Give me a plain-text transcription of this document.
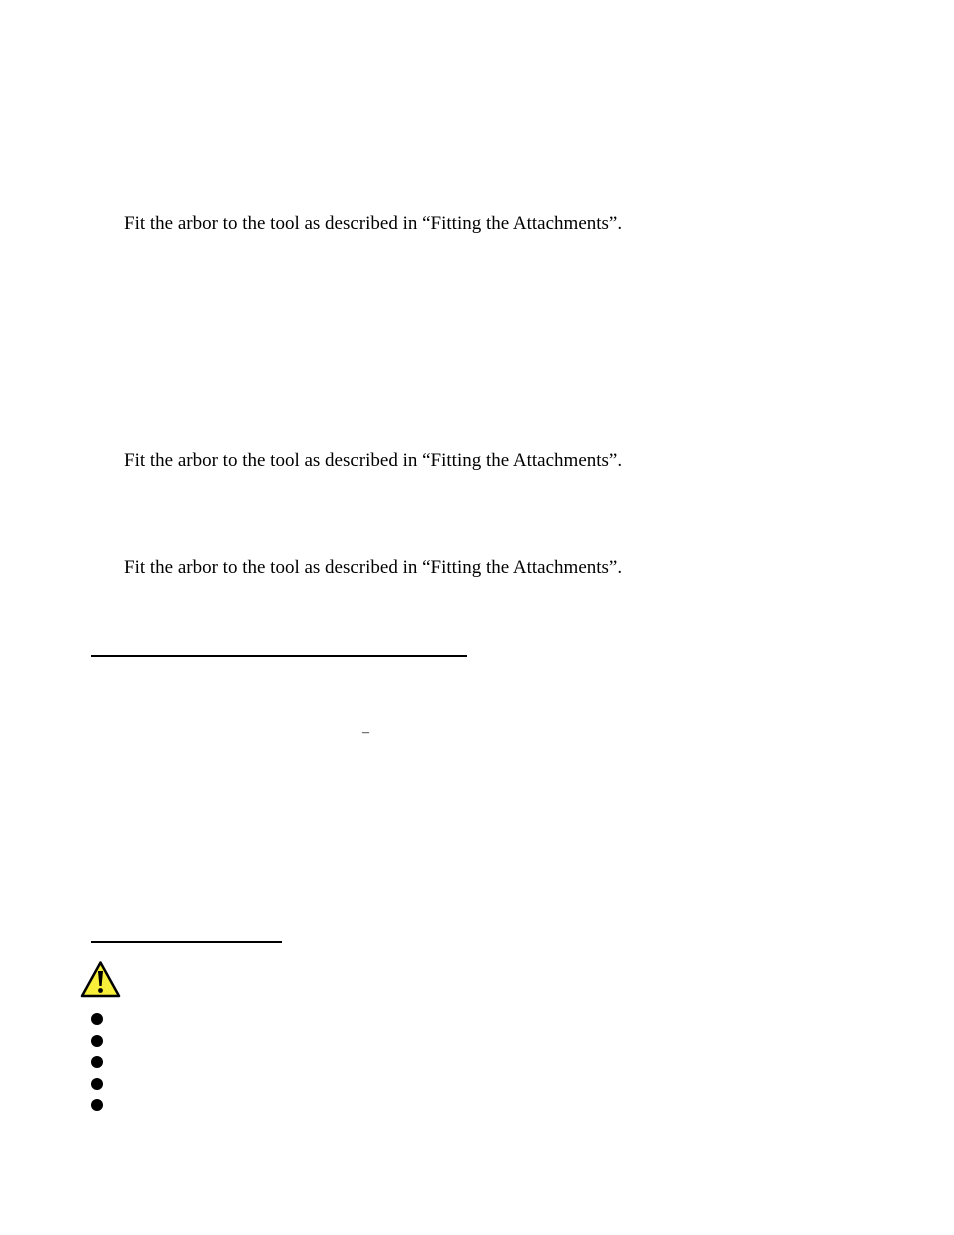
Fit the arbor to the tool as described in “Fitting the Attachments”.
Fit the arbor to the tool as described in “Fitting the Attachments”.
Fit the arbor to the tool as described in “Fitting the Attachments”.
–
